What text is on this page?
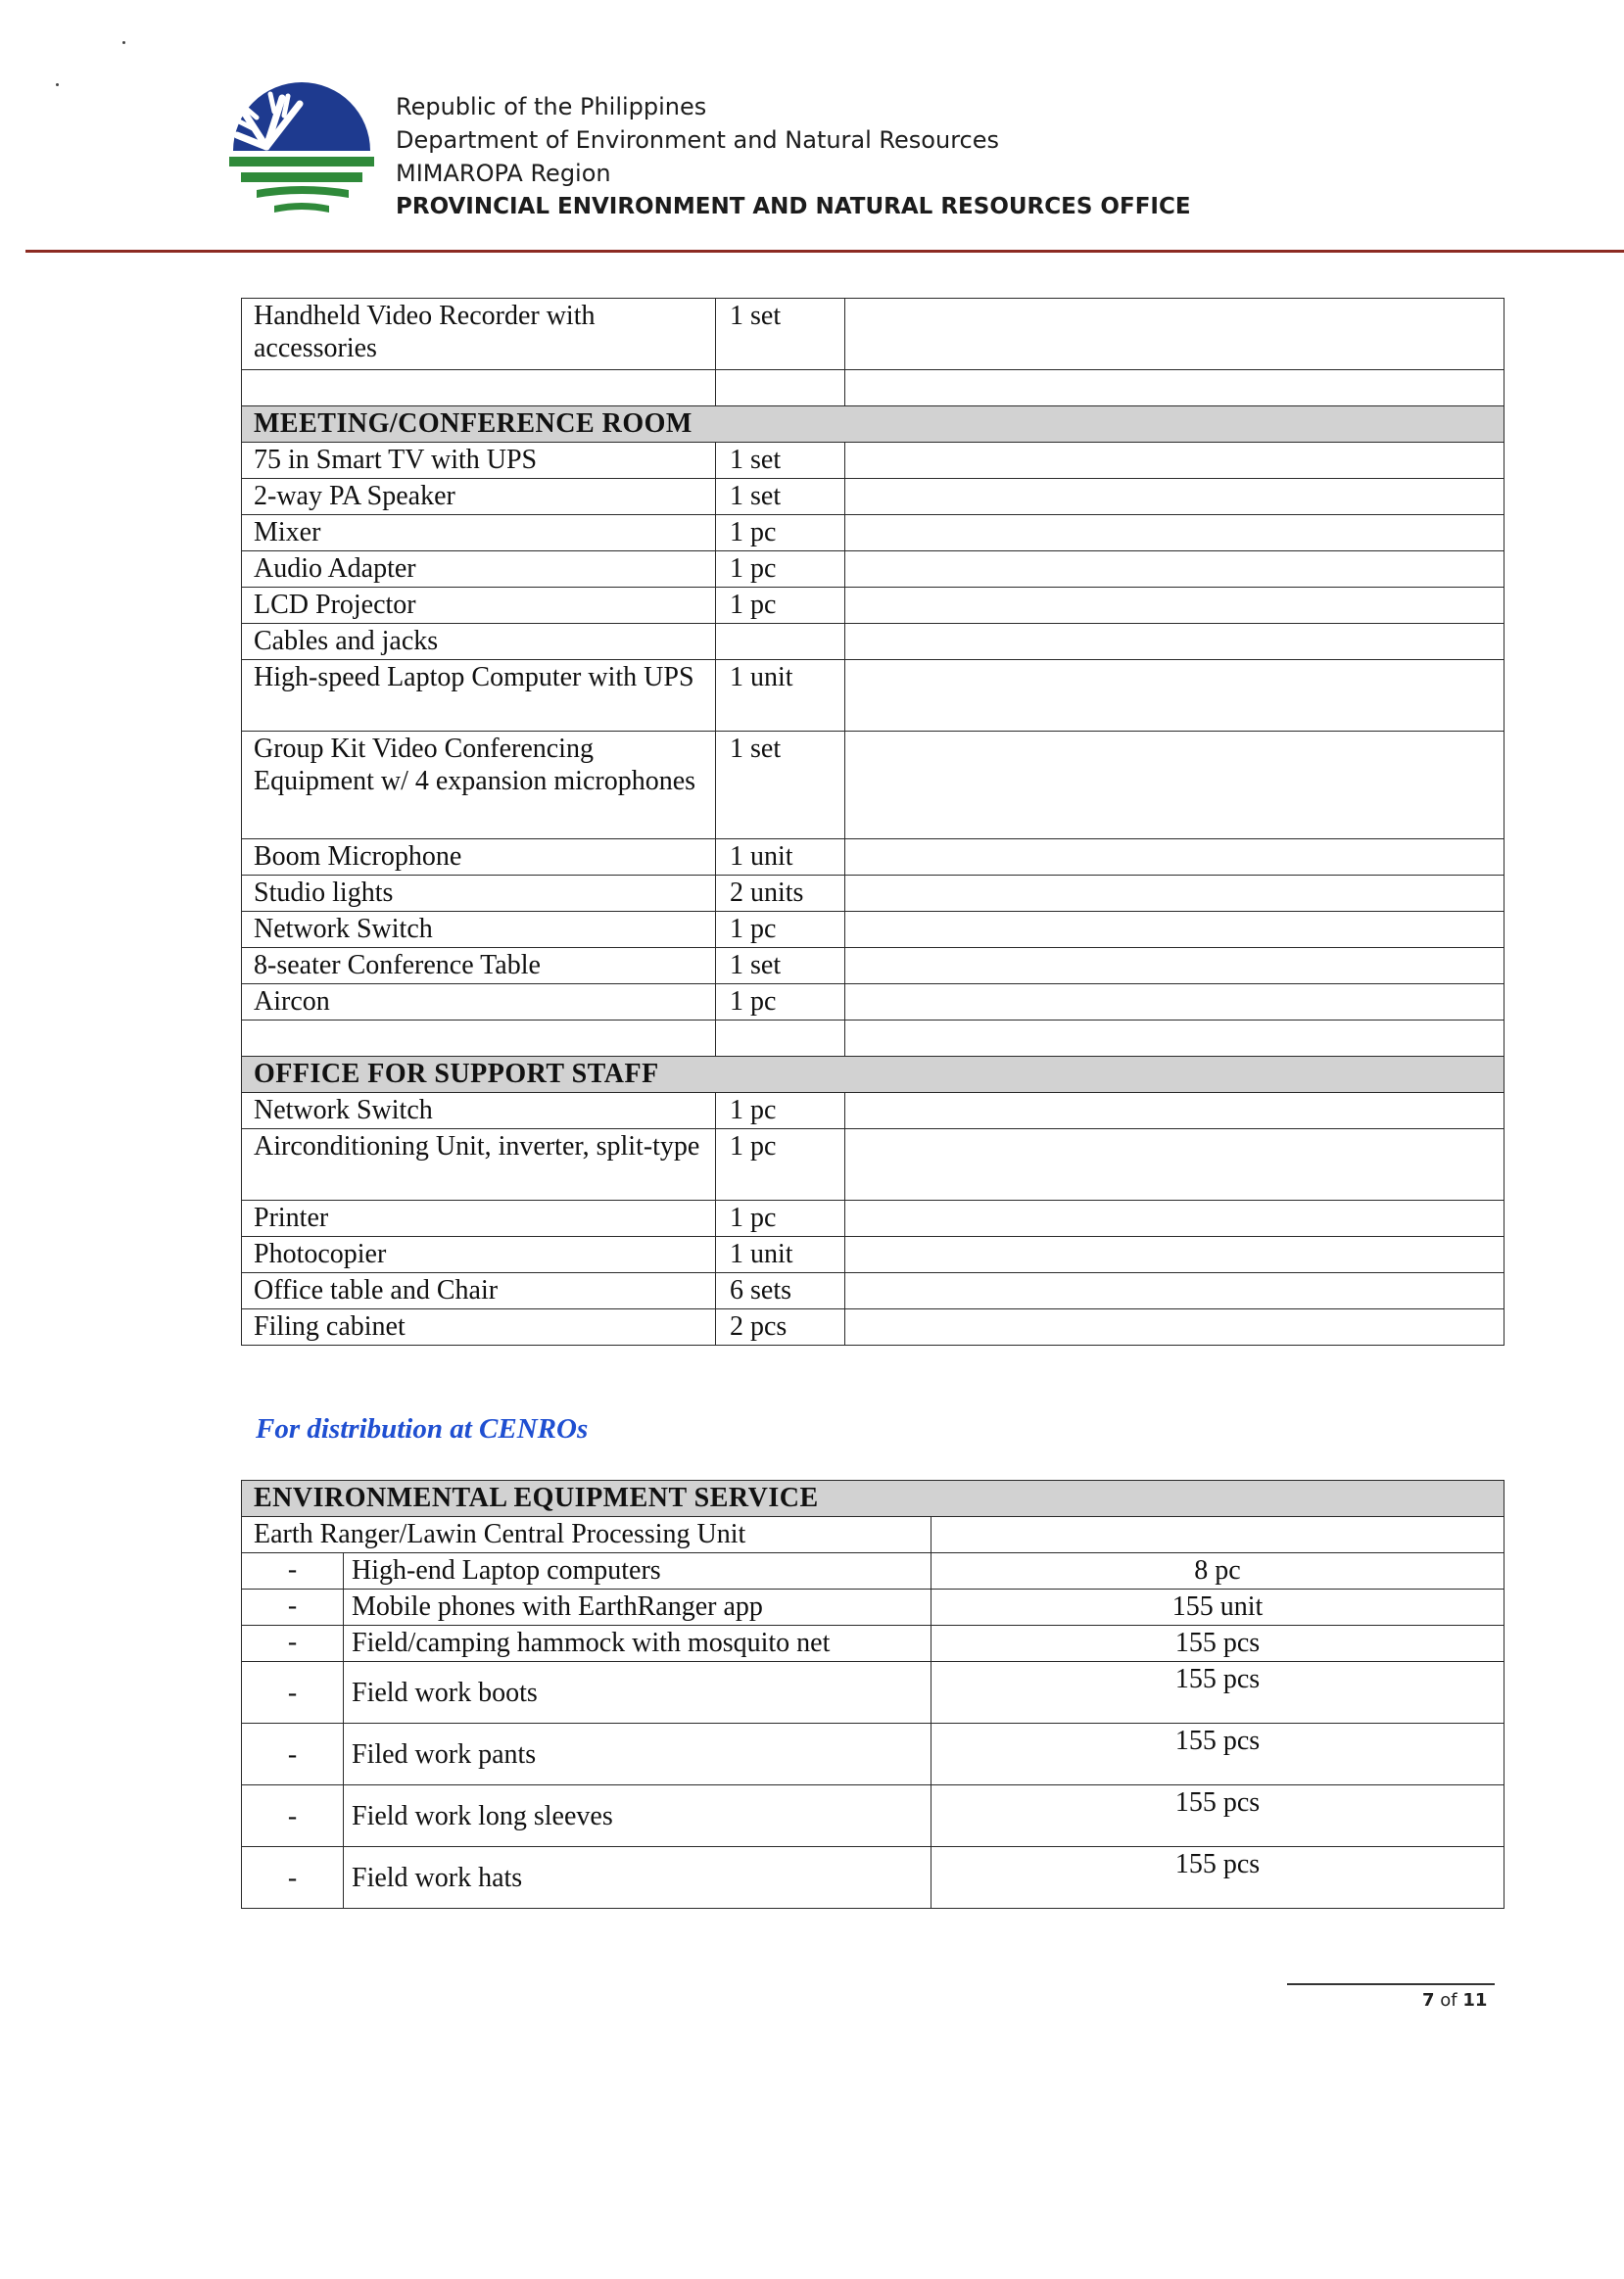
Republic of the Philippines
Department of Environment and Natural Resources
MIMAROPA Region
PROVINCIAL ENVIRONMENT AND NATURAL RESOURCES OFFICE
Handheld Video Recorder with accessories	1 set	

MEETING/CONFERENCE ROOM		
75 in Smart TV with UPS	1 set	
2-way PA Speaker	1 set	
Mixer	1 pc	
Audio Adapter	1 pc	
LCD Projector	1 pc	
Cables and jacks		
High-speed Laptop Computer with UPS	1 unit	
Group Kit Video Conferencing Equipment w/ 4 expansion microphones	1 set	
Boom Microphone	1 unit	
Studio lights	2 units	
Network Switch	1 pc	
8-seater Conference Table	1 set	
Aircon	1 pc	

OFFICE FOR SUPPORT STAFF		
Network Switch	1 pc	
Airconditioning Unit, inverter, split-type	1 pc	
Printer	1 pc	
Photocopier	1 unit	
Office table and Chair	6 sets	
Filing cabinet	2 pcs	
For distribution at CENROs
ENVIRONMENTAL EQUIPMENT SERVICE		
Earth Ranger/Lawin Central Processing Unit		
-	High-end Laptop computers	8 pc
-	Mobile phones with EarthRanger app	155 unit
-	Field/camping hammock with mosquito net	155 pcs
-	Field work boots	155 pcs
-	Filed work pants	155 pcs
-	Field work long sleeves	155 pcs
-	Field work hats	155 pcs
7 of 11
